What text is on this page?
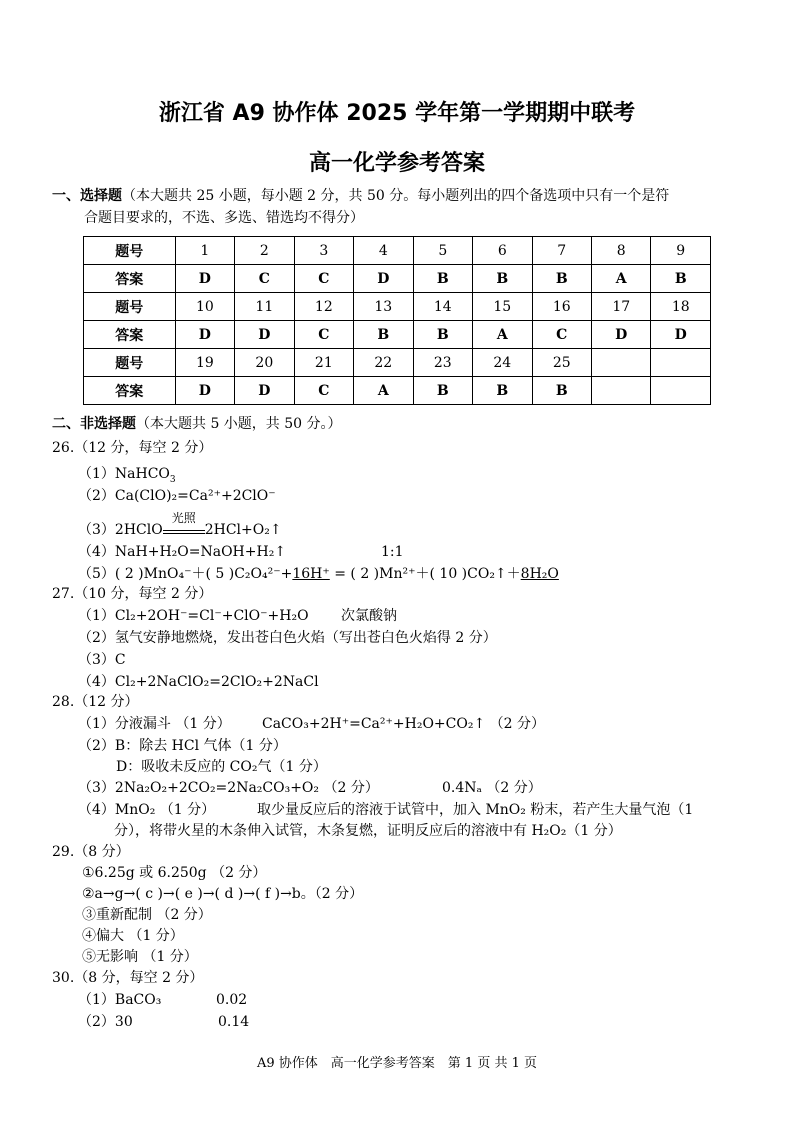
浙江省 A9 协作体 2025 学年第一学期期中联考
高一化学参考答案
一、选择题（本大题共 25 小题，每小题 2 分，共 50 分。每小题列出的四个备选项中只有一个是符
合题目要求的，不选、多选、错选均不得分）
题号	1	2	3	4	5	6	7	8	9
答案	D	C	C	D	B	B	B	A	B
题号	10	11	12	13	14	15	16	17	18
答案	D	D	C	B	B	A	C	D	D
题号	19	20	21	22	23	24	25		
答案	D	D	C	A	B	B	B		
二、非选择题（本大题共 5 小题，共 50 分。）
26.（12 分，每空 2 分）
（1）NaHCO$_3$
（2）Ca(ClO)₂=Ca²⁺+2ClO⁻
（3）2HClO
光照
2HCl+O₂↑
（4）NaH+H₂O=NaOH+H₂↑	1:1
（5）( 2 )MnO₄⁻＋( 5 )C₂O₄²⁻+16H⁺ = ( 2 )Mn²⁺＋( 10 )CO₂↑＋8H₂O
27.（10 分，每空 2 分）
（1）Cl₂+2OH⁻=Cl⁻+ClO⁻+H₂O 次氯酸钠
（2）氢气安静地燃烧，发出苍白色火焰（写出苍白色火焰得 2 分）
（3）C
（4）Cl₂+2NaClO₂=2ClO₂+2NaCl
28.（12 分）
（1）分液漏斗 （1 分） CaCO₃+2H⁺=Ca²⁺+H₂O+CO₂↑ （2 分）
（2）B：除去 HCl 气体（1 分）
D：吸收未反应的 CO₂气（1 分）
（3）2Na₂O₂+2CO₂=2Na₂CO₃+O₂ （2 分）	0.4Nₐ （2 分）
（4）MnO₂ （1 分）	取少量反应后的溶液于试管中，加入 MnO₂ 粉末，若产生大量气泡（1
分），将带火星的木条伸入试管，木条复燃，证明反应后的溶液中有 H₂O₂（1 分）
29.（8 分）
①6.25g 或 6.250g （2 分）
②a→g→( c )→( e )→( d )→( f )→b。（2 分）
③重新配制 （2 分）
④偏大 （1 分）
⑤无影响 （1 分）
30.（8 分，每空 2 分）
（1）BaCO₃	0.02
（2）30	0.14
A9 协作体　高一化学参考答案　第 1 页 共 1 页
